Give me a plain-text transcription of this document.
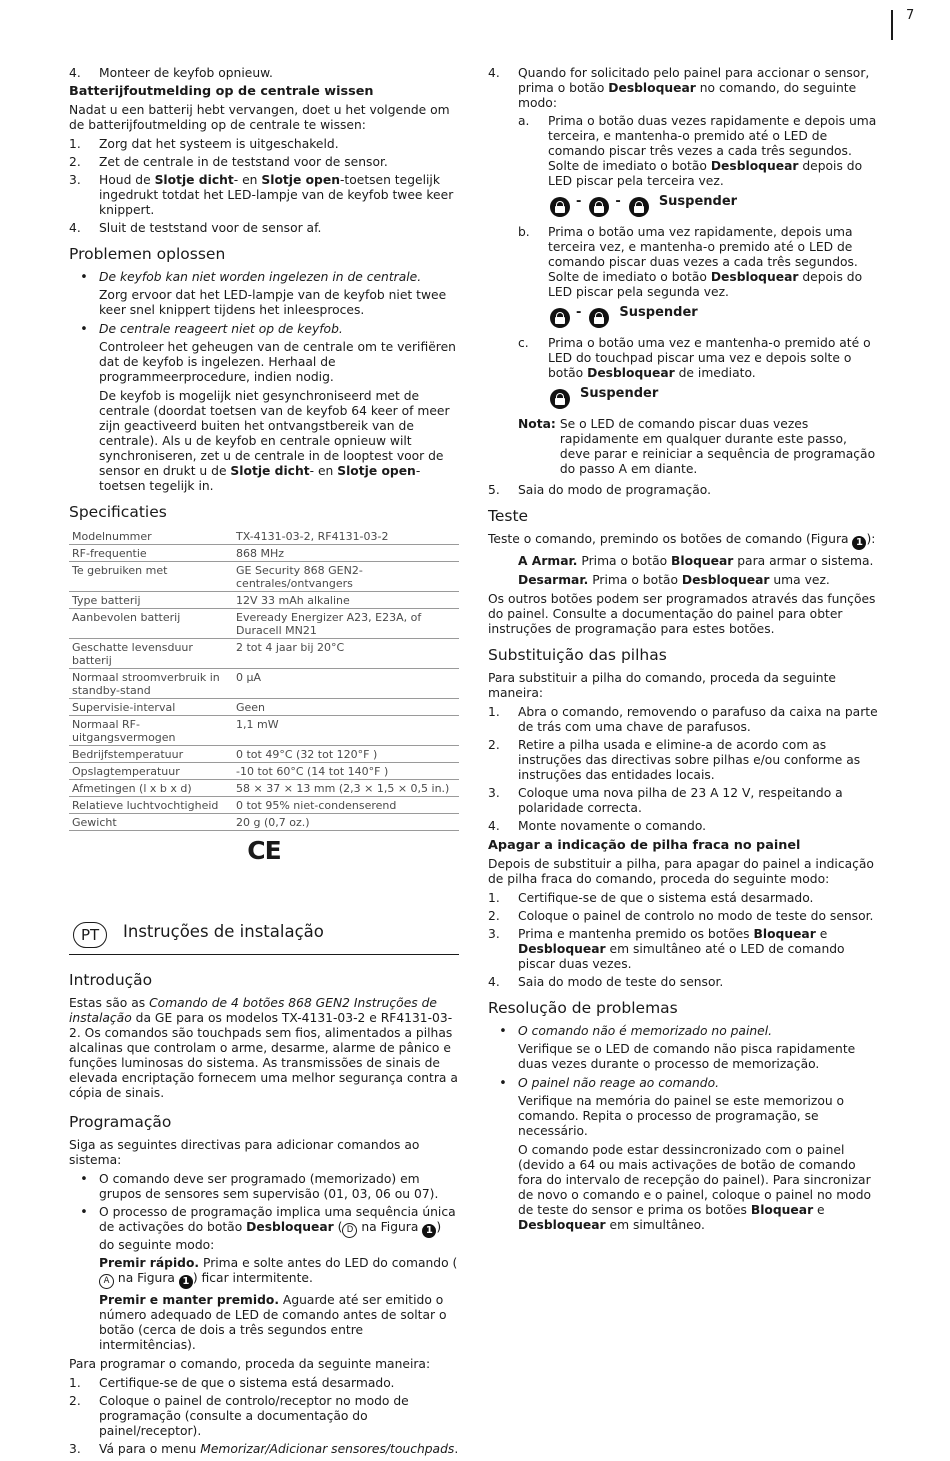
7
4.	Monteer de keyfob opnieuw.
Batterijfoutmelding op de centrale wissen

Nadat u een batterij hebt vervangen, doet u het volgende om de batterijfoutmelding op de centrale te wissen:

1.	Zorg dat het systeem is uitgeschakeld.
2.	Zet de centrale in de teststand voor de sensor.
3.	Houd de Slotje dicht- en Slotje open-toetsen tegelijk ingedrukt totdat het LED-lampje van de keyfob twee keer knippert.
4.	Sluit de teststand voor de sensor af.
Problemen oplossen
• De keyfob kan niet worden ingelezen in de centrale.

Zorg ervoor dat het LED-lampje van de keyfob niet twee keer snel knippert tijdens het inleesproces.

• De centrale reageert niet op de keyfob.

Controleer het geheugen van de centrale om te verifiëren dat de keyfob is ingelezen. Herhaal de programmeerprocedure, indien nodig.

De keyfob is mogelijk niet gesynchroniseerd met de centrale (doordat toetsen van de keyfob 64 keer of meer zijn geactiveerd buiten het ontvangstbereik van de centrale). Als u de keyfob en centrale opnieuw wilt synchroniseren, zet u de centrale in de looptest voor de sensor en drukt u de Slotje dicht- en Slotje open-toetsen tegelijk in.

Specificaties
Modelnummer	TX-4131-03-2, RF4131-03-2
RF-frequentie	868 MHz
Te gebruiken met	GE Security 868 GEN2-centrales/ontvangers
Type batterij	12V 33 mAh alkaline
Aanbevolen batterij	Eveready Energizer A23, E23A, of Duracell MN21
Geschatte levensduur batterij	2 tot 4 jaar bij 20°C
Normaal stroomverbruik in standby-stand	0 µA
Supervisie-interval	Geen
Normaal RF-uitgangsvermogen	1,1 mW
Bedrijfstemperatuur	0 tot 49°C (32 tot 120°F )
Opslagtemperatuur	-10 tot 60°C (14 tot 140°F )
Afmetingen (l x b x d)	58 × 37 × 13 mm (2,3 × 1,5 × 0,5 in.)
Relatieve luchtvochtigheid	0 tot 95% niet-condenserend
Gewicht	20 g (0,7 oz.)
CE
PT	Instruções de instalação
Introdução

Estas são as Comando de 4 botões 868 GEN2 Instruções de instalação da GE para os modelos TX-4131-03-2 e RF4131-03-2. Os comandos são touchpads sem fios, alimentados a pilhas alcalinas que controlam o arme, desarme, alarme de pânico e funções luminosas do sistema. As transmissões de sinais de elevada encriptação fornecem uma melhor segurança contra a cópia de sinais.

Programação

Siga as seguintes directivas para adicionar comandos ao sistema:

• O comando deve ser programado (memorizado) em grupos de sensores sem supervisão (01, 03, 06 ou 07).
• O processo de programação implica uma sequência única de activações do botão Desbloquear ( D na Figura 1 ) do seguinte modo:

Premir rápido. Prima e solte antes do LED do comando (A na Figura 1 ) ficar intermitente.

Premir e manter premido. Aguarde até ser emitido o número adequado de LED de comando antes de soltar o botão (cerca de dois a três segundos entre intermitências).

Para programar o comando, proceda da seguinte maneira:

1.	Certifique-se de que o sistema está desarmado.
2.	Coloque o painel de controlo/receptor no modo de programação (consulte a documentação do painel/receptor).
3.	Vá para o menu Memorizar/Adicionar sensores/touchpads.
4.	Quando for solicitado pelo painel para accionar o sensor, prima o botão Desbloquear no comando, do seguinte modo:
a.	Prima o botão duas vezes rapidamente e depois uma terceira, e mantenha-o premido até o LED de comando piscar três vezes a cada três segundos. Solte de imediato o botão Desbloquear depois do LED piscar pela terceira vez.
-	-	Suspender
b.	Prima o botão uma vez rapidamente, depois uma terceira vez, e mantenha-o premido até o LED de comando piscar duas vezes a cada três segundos. Solte de imediato o botão Desbloquear depois do LED piscar pela segunda vez.
-	Suspender
c.	Prima o botão uma vez e mantenha-o premido até o LED do touchpad piscar uma vez e depois solte o botão Desbloquear de imediato.
Suspender
Nota: Se o LED de comando piscar duas vezes rapidamente em qualquer durante este passo, deve parar e reiniciar a sequência de programação do passo A em diante.
5.	Saia do modo de programação.
Teste

Teste o comando, premindo os botões de comando (Figura 1 ):

A Armar. Prima o botão Bloquear para armar o sistema.

Desarmar. Prima o botão Desbloquear uma vez.

Os outros botões podem ser programados através das funções do painel. Consulte a documentação do painel para obter instruções de programação para estes botões.

Substituição das pilhas

Para substituir a pilha do comando, proceda da seguinte maneira:

1.	Abra o comando, removendo o parafuso da caixa na parte de trás com uma chave de parafusos.
2.	Retire a pilha usada e elimine-a de acordo com as instruções das directivas sobre pilhas e/ou conforme as instruções das entidades locais.
3.	Coloque uma nova pilha de 23 A 12 V, respeitando a polaridade correcta.
4.	Monte novamente o comando.
Apagar a indicação de pilha fraca no painel

Depois de substituir a pilha, para apagar do painel a indicação de pilha fraca do comando, proceda do seguinte modo:

1.	Certifique-se de que o sistema está desarmado.
2.	Coloque o painel de controlo no modo de teste do sensor.
3.	Prima e mantenha premido os botões Bloquear e Desbloquear em simultâneo até o LED de comando piscar duas vezes.
4.	Saia do modo de teste do sensor.
Resolução de problemas
• O comando não é memorizado no painel.

Verifique se o LED de comando não pisca rapidamente duas vezes durante o processo de memorização.

• O painel não reage ao comando.

Verifique na memória do painel se este memorizou o comando. Repita o processo de programação, se necessário.

O comando pode estar dessincronizado com o painel (devido a 64 ou mais activações de botão de comando fora do intervalo de recepção do painel). Para sincronizar de novo o comando e o painel, coloque o painel no modo de teste do sensor e prima os botões Bloquear e Desbloquear em simultâneo.
